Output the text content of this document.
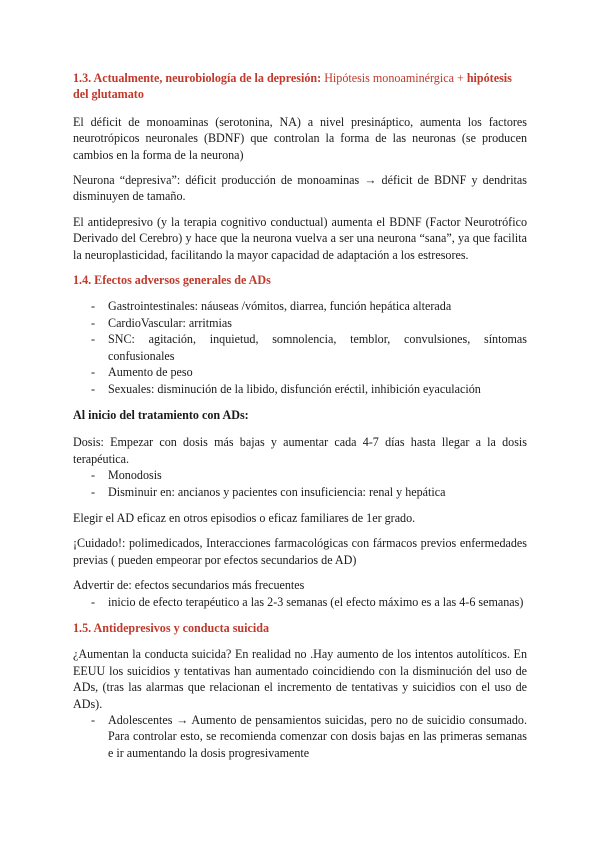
1.3. Actualmente, neurobiología de la depresión: Hipótesis monoaminérgica + hipótesis del glutamato

El déficit de monoaminas (serotonina, NA) a nivel presináptico, aumenta los factores neurotrópicos neuronales (BDNF) que controlan la forma de las neuronas (se producen cambios en la forma de la neurona)

Neurona “depresiva”: déficit producción de monoaminas → déficit de BDNF y dendritas disminuyen de tamaño.

El antidepresivo (y la terapia cognitivo conductual) aumenta el BDNF (Factor Neurotrófico Derivado del Cerebro) y hace que la neurona vuelva a ser una neurona “sana”, ya que facilita la neuroplasticidad, facilitando la mayor capacidad de adaptación a los estresores.

1.4. Efectos adversos generales de ADs

- Gastrointestinales: náuseas /vómitos, diarrea, función hepática alterada
- CardioVascular: arritmias
- SNC: agitación, inquietud, somnolencia, temblor, convulsiones, síntomas confusionales
- Aumento de peso
- Sexuales: disminución de la libido, disfunción eréctil, inhibición eyaculación

Al inicio del tratamiento con ADs:

Dosis: Empezar con dosis más bajas y aumentar cada 4-7 días hasta llegar a la dosis terapéutica.

- Monodosis
- Disminuir en: ancianos y pacientes con insuficiencia: renal y hepática

Elegir el AD eficaz en otros episodios o eficaz familiares de 1er grado.

¡Cuidado!: polimedicados, Interacciones farmacológicas con fármacos previos enfermedades previas ( pueden empeorar por efectos secundarios de AD)

Advertir de: efectos secundarios más frecuentes

- inicio de efecto terapéutico a las 2-3 semanas (el efecto máximo es a las 4-6 semanas)

1.5. Antidepresivos y conducta suicida

¿Aumentan la conducta suicida? En realidad no .Hay aumento de los intentos autolíticos. En EEUU los suicidios y tentativas han aumentado coincidiendo con la disminución del uso de ADs, (tras las alarmas que relacionan el incremento de tentativas y suicidios con el uso de ADs).

- Adolescentes → Aumento de pensamientos suicidas, pero no de suicidio consumado. Para controlar esto, se recomienda comenzar con dosis bajas en las primeras semanas e ir aumentando la dosis progresivamente
